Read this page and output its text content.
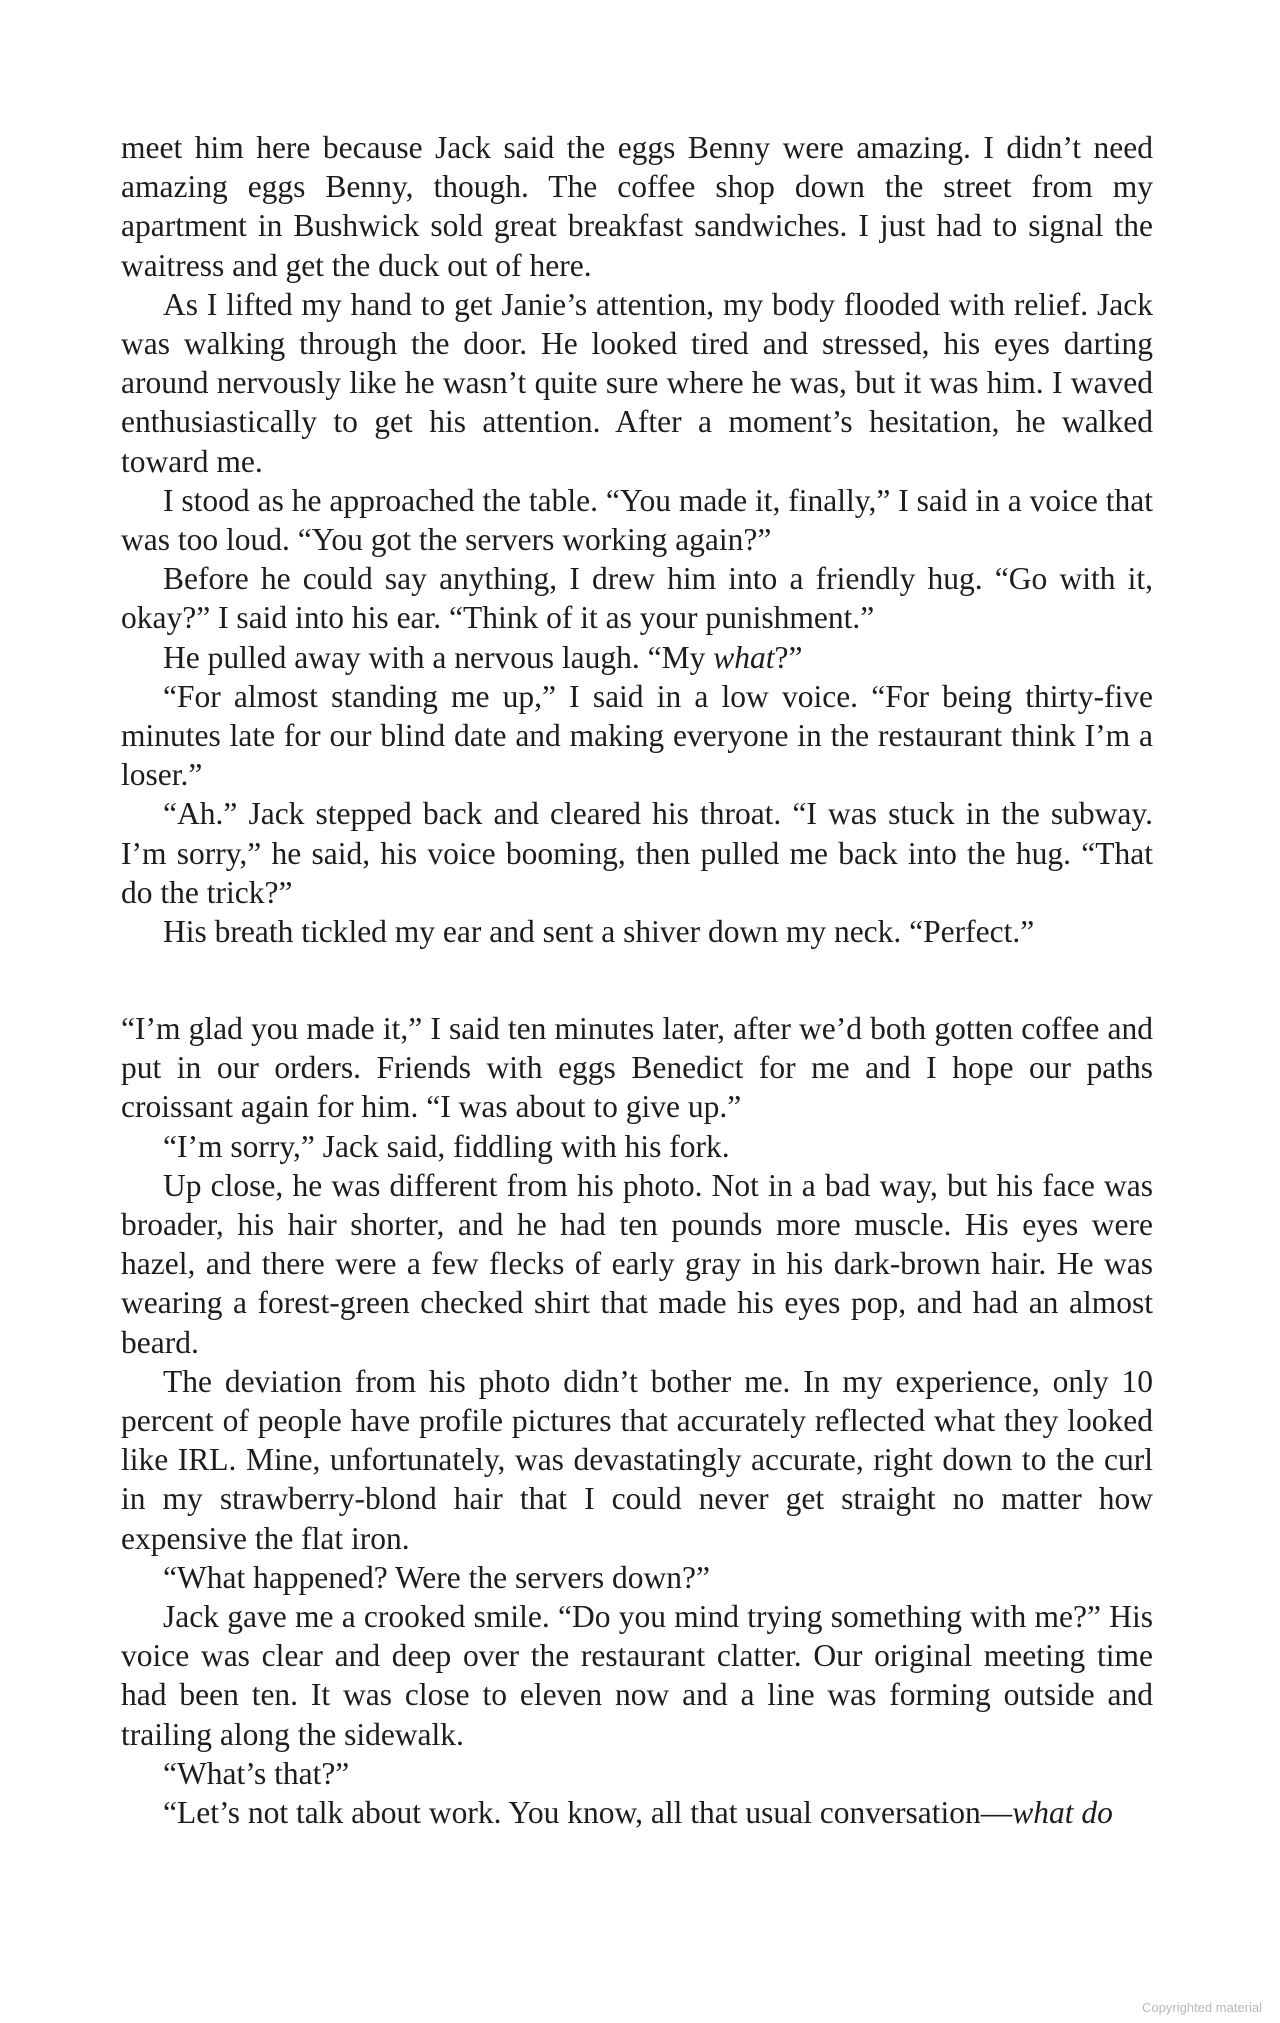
meet him here because Jack said the eggs Benny were amazing. I didn’t need amazing eggs Benny, though. The coffee shop down the street from my apartment in Bushwick sold great breakfast sandwiches. I just had to signal the waitress and get the duck out of here.

As I lifted my hand to get Janie’s attention, my body flooded with relief. Jack was walking through the door. He looked tired and stressed, his eyes darting around nervously like he wasn’t quite sure where he was, but it was him. I waved enthusiastically to get his attention. After a moment’s hesitation, he walked toward me.

I stood as he approached the table. “You made it, finally,” I said in a voice that was too loud. “You got the servers working again?”

Before he could say anything, I drew him into a friendly hug. “Go with it, okay?” I said into his ear. “Think of it as your punishment.”

He pulled away with a nervous laugh. “My what?”

“For almost standing me up,” I said in a low voice. “For being thirty-five minutes late for our blind date and making everyone in the restaurant think I’m a loser.”

“Ah.” Jack stepped back and cleared his throat. “I was stuck in the subway. I’m sorry,” he said, his voice booming, then pulled me back into the hug. “That do the trick?”

His breath tickled my ear and sent a shiver down my neck. “Perfect.”

“I’m glad you made it,” I said ten minutes later, after we’d both gotten coffee and put in our orders. Friends with eggs Benedict for me and I hope our paths croissant again for him. “I was about to give up.”

“I’m sorry,” Jack said, fiddling with his fork.

Up close, he was different from his photo. Not in a bad way, but his face was broader, his hair shorter, and he had ten pounds more muscle. His eyes were hazel, and there were a few flecks of early gray in his dark-brown hair. He was wearing a forest-green checked shirt that made his eyes pop, and had an almost beard.

The deviation from his photo didn’t bother me. In my experience, only 10 percent of people have profile pictures that accurately reflected what they looked like IRL. Mine, unfortunately, was devastatingly accurate, right down to the curl in my strawberry-blond hair that I could never get straight no matter how expensive the flat iron.

“What happened? Were the servers down?”

Jack gave me a crooked smile. “Do you mind trying something with me?” His voice was clear and deep over the restaurant clatter. Our original meeting time had been ten. It was close to eleven now and a line was forming outside and trailing along the sidewalk.

“What’s that?”

“Let’s not talk about work. You know, all that usual conversation—what do

Copyrighted material
